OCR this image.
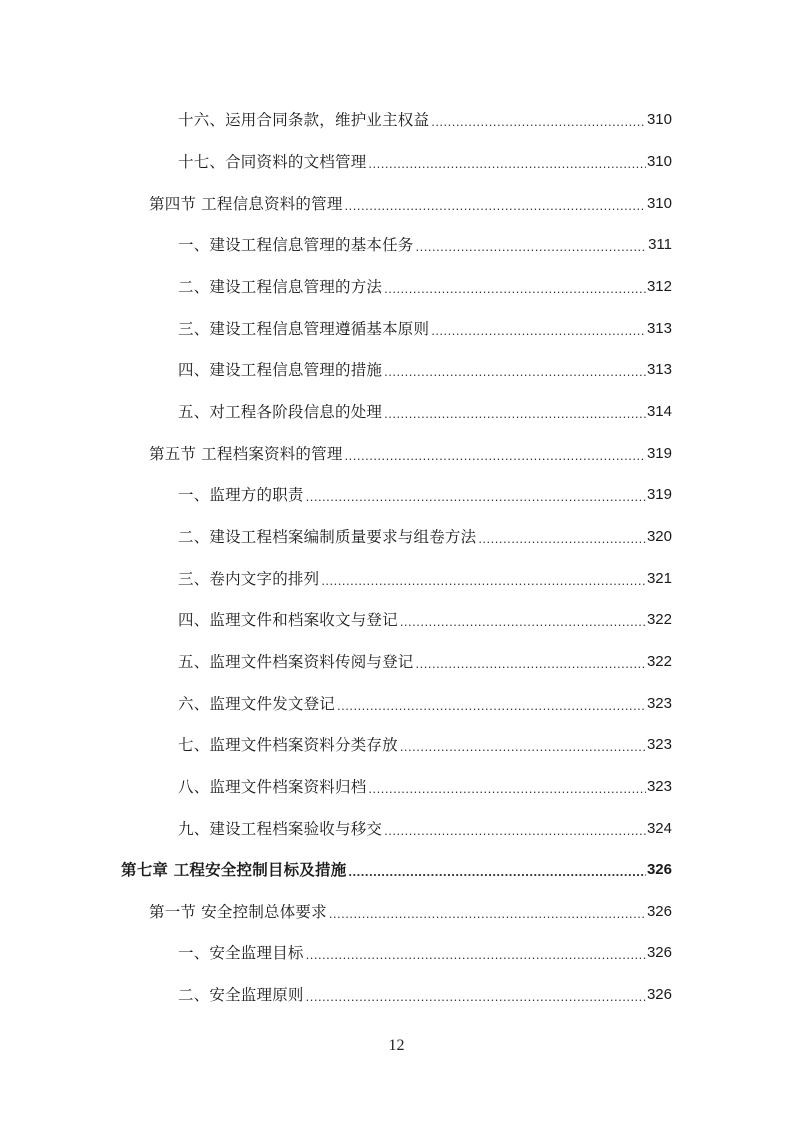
十六、运用合同条款，维护业主权益 .....	310
十七、合同资料的文档管理 .....	310
第四节 工程信息资料的管理 .....	310
一、建设工程信息管理的基本任务 .....	311
二、建设工程信息管理的方法 .....	312
三、建设工程信息管理遵循基本原则 .....	313
四、建设工程信息管理的措施 .....	313
五、对工程各阶段信息的处理 .....	314
第五节 工程档案资料的管理 .....	319
一、监理方的职责 .....	319
二、建设工程档案编制质量要求与组卷方法 .....	320
三、卷内文字的排列 .....	321
四、监理文件和档案收文与登记 .....	322
五、监理文件档案资料传阅与登记 .....	322
六、监理文件发文登记 .....	323
七、监理文件档案资料分类存放 .....	323
八、监理文件档案资料归档 .....	323
九、建设工程档案验收与移交 .....	324
第七章 工程安全控制目标及措施 .....	326
第一节 安全控制总体要求 .....	326
一、安全监理目标 .....	326
二、安全监理原则 .....	326
12
